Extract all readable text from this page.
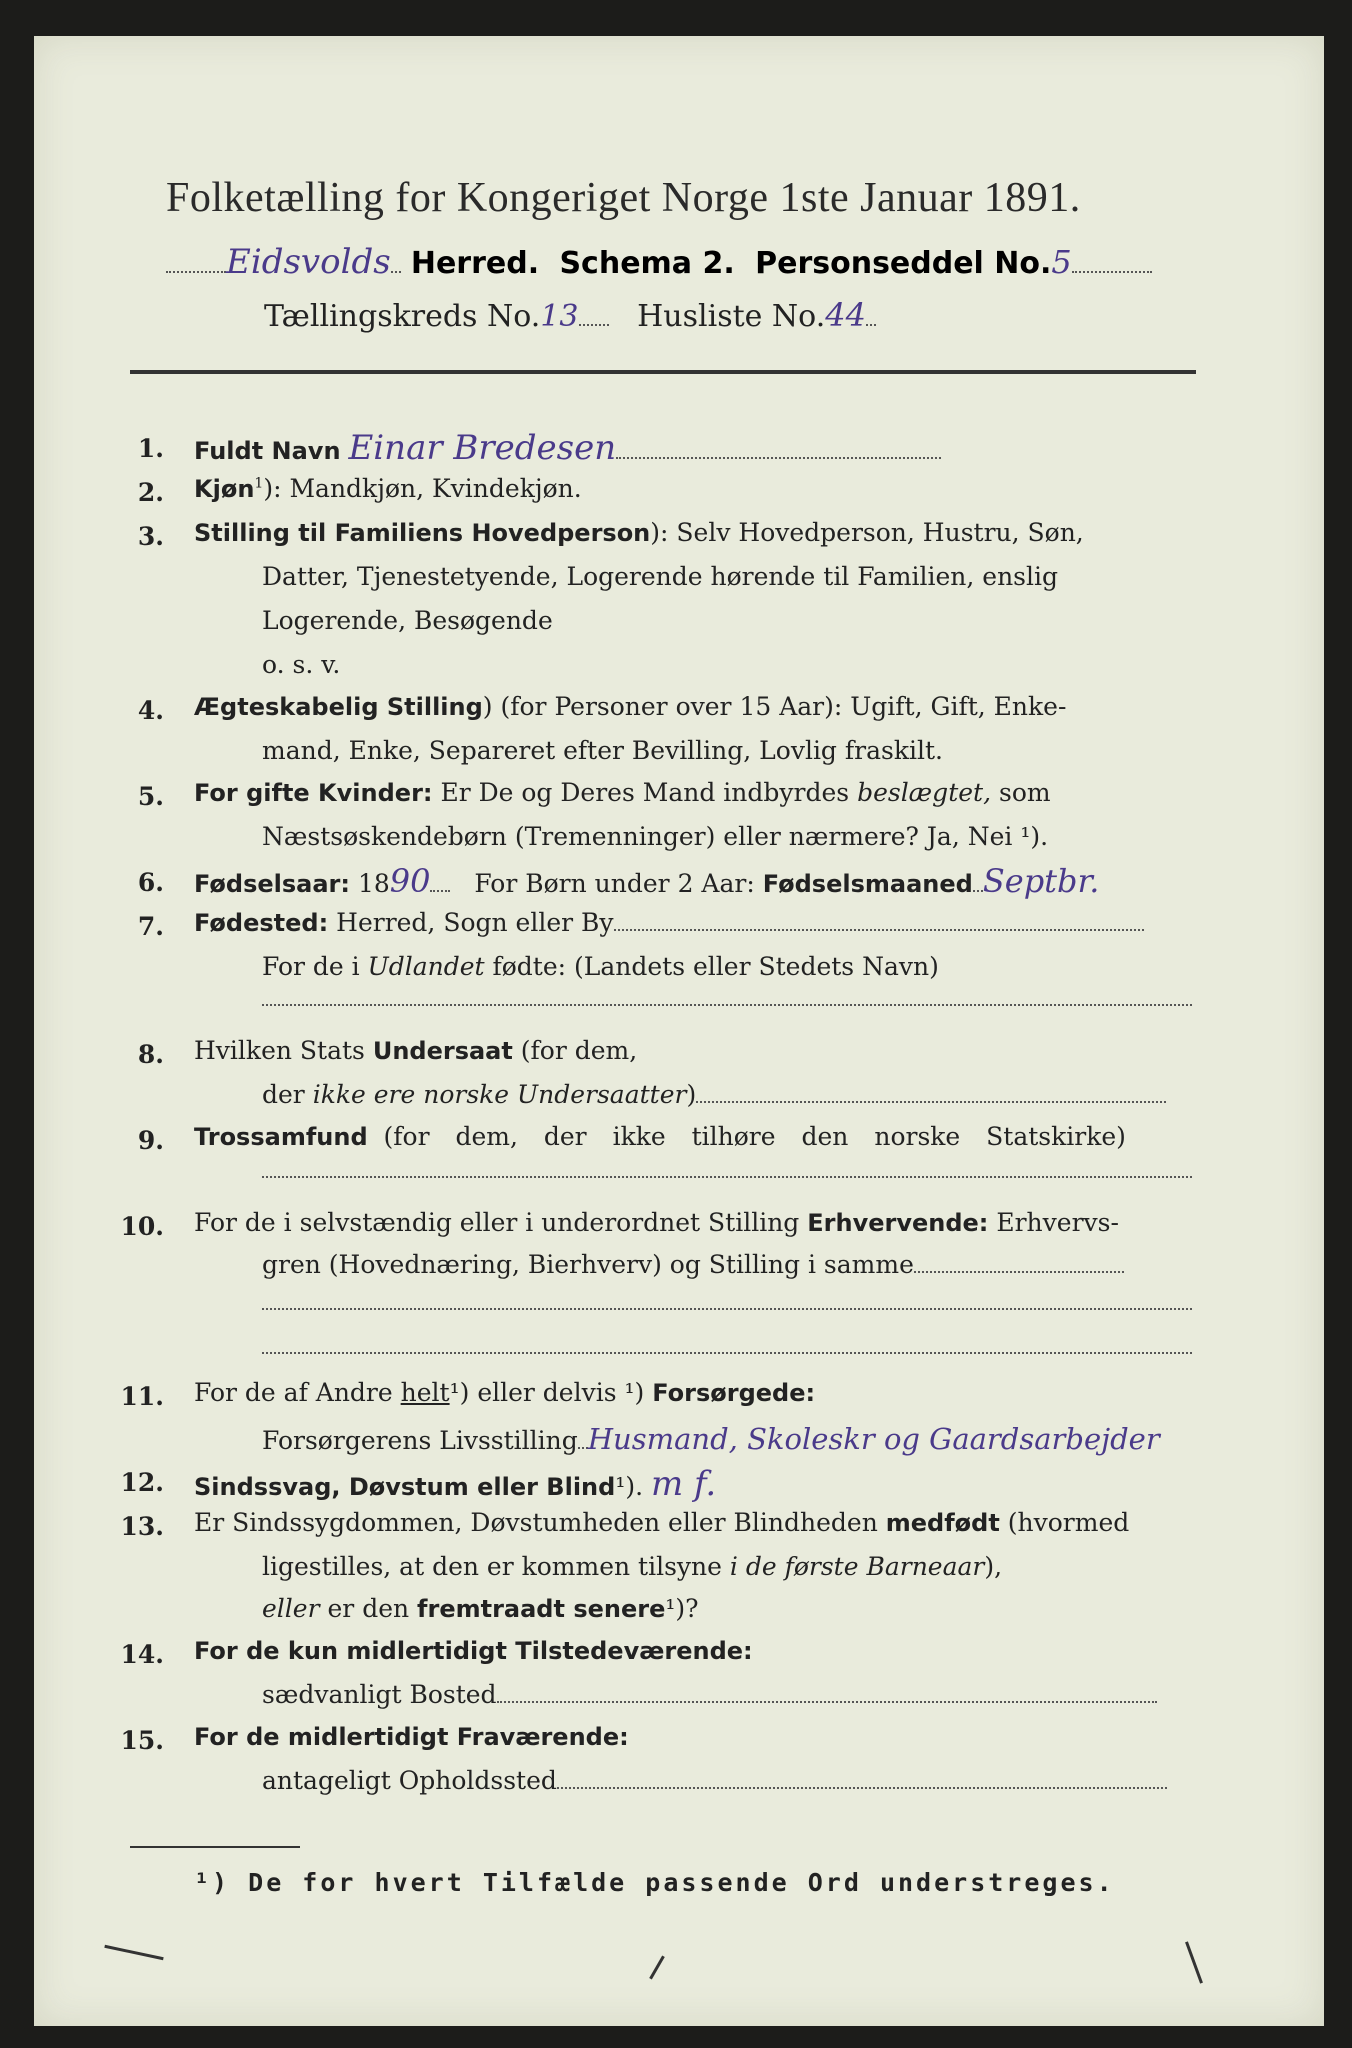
Folketælling for Kongeriget Norge 1ste Januar 1891.
Eidsvolds Herred. Schema 2. Personseddel No.5
Tællingskreds No.13 Husliste No.44
1. Fuldt Navn Einar Bredesen
2. Kjøn$^1$): Mandkjøn, Kvindekjøn.
3. Stilling til Familiens Hovedperson): Selv Hovedperson, Hustru, Søn,
Datter, Tjenestetyende, Logerende hørende til Familien, enslig
Logerende, Besøgende
o. s. v.
4. Ægteskabelig Stilling) (for Personer over 15 Aar): Ugift, Gift, Enke-
mand, Enke, Separeret efter Bevilling, Lovlig fraskilt.
5. For gifte Kvinder: Er De og Deres Mand indbyrdes beslægtet, som
Næstsøskendebørn (Tremenninger) eller nærmere? Ja, Nei ¹).
6. Fødselsaar: 1890 For Børn under 2 Aar: Fødselsmaaned Septbr.
7. Fødested: Herred, Sogn eller By
For de i Udlandet fødte: (Landets eller Stedets Navn)
8. Hvilken Stats Undersaat (for dem,
der ikke ere norske Undersaatter)
9. Trossamfund (for dem, der ikke tilhøre den norske Statskirke)
10. For de i selvstændig eller i underordnet Stilling Erhvervende: Erhvervs-
gren (Hovednæring, Bierhverv) og Stilling i samme
11. For de af Andre helt¹) eller delvis ¹) Forsørgede:
Forsørgerens Livsstilling Husmand, Skoleskr og Gaardsarbejder
12. Sindssvag, Døvstum eller Blind¹). m f.
13. Er Sindssygdommen, Døvstumheden eller Blindheden medfødt (hvormed
ligestilles, at den er kommen tilsyne i de første Barneaar),
eller er den fremtraadt senere¹)?
14. For de kun midlertidigt Tilstedeværende:
sædvanligt Bosted
15. For de midlertidigt Fraværende:
antageligt Opholdssted
¹) De for hvert Tilfælde passende Ord understreges.
